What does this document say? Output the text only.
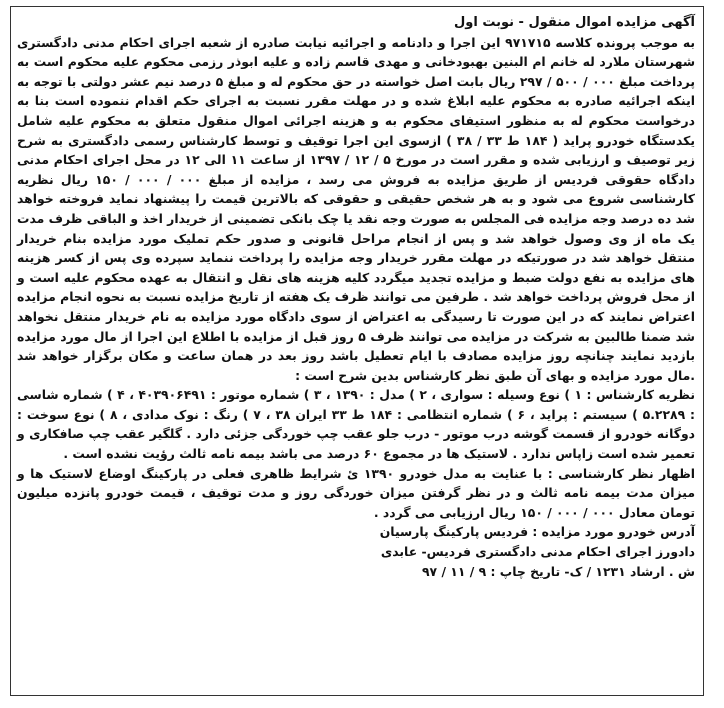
آگهی مزایده اموال منقول - نوبت اول

به موجب پرونده کلاسه ۹۷۱۷۱۵ این اجرا و دادنامه و اجرائیه نیابت صادره از شعبه اجرای احکام مدنی دادگستری شهرستان ملارد له خانم ام البنین بهبودخانی و مهدی قاسم زاده و علیه ابوذر رزمی محکوم علیه محکوم است به پرداخت مبلغ ۰۰۰ / ۵۰۰ / ۲۹۷ ریال بابت اصل خواسته در حق محکوم له و مبلغ ۵ درصد نیم عشر دولتی با توجه به اینکه اجرائیه صادره به محکوم علیه ابلاغ شده و در مهلت مقرر نسبت به اجرای حکم اقدام ننموده است بنا به درخواست محکوم له به منظور استیفای محکوم به و هزینه اجرائی اموال منقول متعلق به محکوم علیه شامل یکدستگاه خودرو پراید ( ۱۸۴ ط ۳۳ / ۳۸ ) ازسوی این اجرا توقیف و توسط کارشناس رسمی دادگستری به شرح زیر توصیف و ارزیابی شده و مقرر است در مورخ ۵ / ۱۲ / ۱۳۹۷ از ساعت ۱۱ الی ۱۲ در محل اجرای احکام مدنی دادگاه حقوقی فردیس از طریق مزایده به فروش می رسد ، مزایده از مبلغ ۰۰۰ / ۰۰۰ / ۱۵۰ ریال نظریه کارشناسی شروع می شود و به هر شخص حقیقی و حقوقی که بالاترین قیمت را پیشنهاد نماید فروخته خواهد شد ده درصد وجه مزایده فی المجلس به صورت وجه نقد یا چک بانکی تضمینی از خریدار اخذ و الباقی ظرف مدت یک ماه از وی وصول خواهد شد و پس از انجام مراحل قانونی و صدور حکم تملیک مورد مزایده بنام خریدار منتقل خواهد شد در صورتیکه در مهلت مقرر خریدار وجه مزایده را پرداخت ننماید سپرده وی پس از کسر هزینه های مزایده به نفع دولت ضبط و مزایده تجدید میگردد کلیه هزینه های نقل و انتقال به عهده محکوم علیه است و از محل فروش پرداخت خواهد شد . طرفین می توانند ظرف یک هفته از تاریخ مزایده نسبت به نحوه انجام مزایده اعتراض نمایند که در این صورت تا رسیدگی به اعتراض از سوی دادگاه مورد مزایده به نام خریدار منتقل نخواهد شد ضمنا طالبین به شرکت در مزایده می توانند ظرف ۵ روز قبل از مزایده با اطلاع این اجرا از مال مورد مزایده بازدید نمایند چنانچه روز مزایده مصادف با ایام تعطیل باشد روز بعد در همان ساعت و مکان برگزار خواهد شد .مال مورد مزایده و بهای آن طبق نظر کارشناس بدین شرح است :

نظریه کارشناس : ۱ ) نوع وسیله : سواری ، ۲ ) مدل : ۱۳۹۰ ، ۳ ) شماره موتور : ۴۰۳۹۰۶۴۹۱ ، ۴ ) شماره شاسی : ۵.۲۲۸۹ ) سیستم : پراید ، ۶ ) شماره انتظامی : ۱۸۴ ط ۳۳ ایران ۳۸ ، ۷ ) رنگ : نوک مدادی ، ۸ ) نوع سوخت : دوگانه خودرو از قسمت گوشه درب موتور - درب جلو عقب چپ خوردگی جزئی دارد . گلگیر عقب چپ صافکاری و تعمیر شده است زاپاس ندارد . لاستیک ها در مجموع ۶۰ درصد می باشد بیمه نامه ثالث رؤیت نشده است .

اظهار نظر کارشناسی : با عنایت به مدل خودرو ۱۳۹۰ ئ شرایط ظاهری فعلی در پارکینگ اوضاع لاستیک ها و میزان مدت بیمه نامه ثالث و در نظر گرفتن میزان خوردگی روز و مدت توقیف ، قیمت خودرو پانزده میلیون تومان معادل ۰۰۰ / ۰۰۰ / ۱۵۰ ریال ارزیابی می گردد .

آدرس خودرو مورد مزایده : فردیس پارکینگ پارسیان

دادورز اجرای احکام مدنی دادگستری فردیس- عابدی

ش . ارشاد ۱۲۳۱ / ک- تاریخ چاپ : ۹ / ۱۱ / ۹۷
